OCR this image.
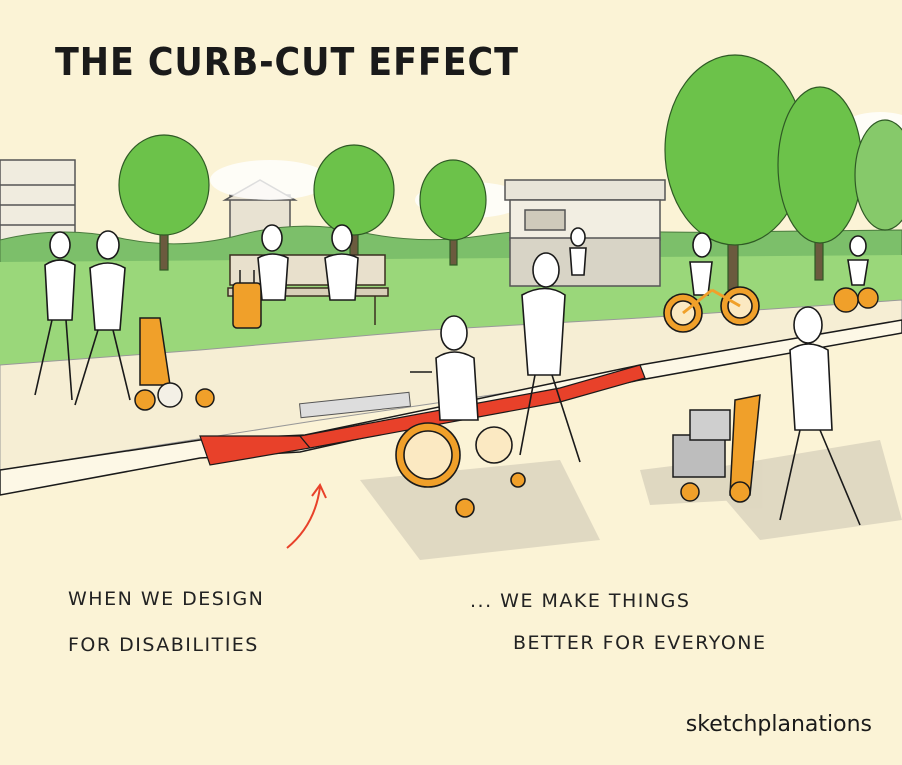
THE CURB-CUT EFFECT
WHEN WE DESIGN
FOR DISABILITIES
... WE MAKE THINGS
BETTER FOR EVERYONE
sketchplanations
